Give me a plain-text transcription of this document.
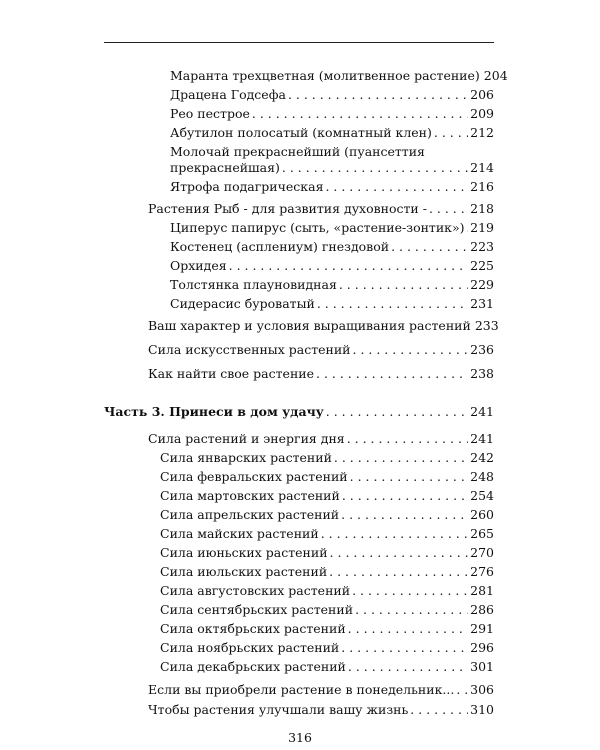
Маранта трехцветная (молитвенное растение) 204
Драцена Годсефа . . .	206
Рео пестрое . . .	209
Абутилон полосатый (комнатный клен) . . .	212
Молочай прекраснейший (пуансеттия
прекраснейшая) . . .	214
Ятрофа подагрическая . . .	216
Растения Рыб - для развития духовности - . . .	218
Циперус папирус (сыть, «растение-зонтик») . . . 219
Костенец (асплениум) гнездовой . . .	223
Орхидея . . .	225
Толстянка плауновидная . . .	229
Сидерасис буроватый . . .	231
Ваш характер и условия выращивания растений 233
Сила искусственных растений . . .	236
Как найти свое растение . . .	238
Часть 3. Принеси в дом удачу . . .	241
Сила растений и энергия дня . . .	241
Сила январских растений . . .	242
Сила февральских растений . . .	248
Сила мартовских растений . . .	254
Сила апрельских растений . . .	260
Сила майских растений . . .	265
Сила июньских растений . . .	270
Сила июльских растений . . .	276
Сила августовских растений . . .	281
Сила сентябрьских растений . . .	286
Сила октябрьских растений . . .	291
Сила ноябрьских растений . . .	296
Сила декабрьских растений . . .	301
Если вы приобрели растение в понедельник... . . . 306
Чтобы растения улучшали вашу жизнь . . .	310
316
